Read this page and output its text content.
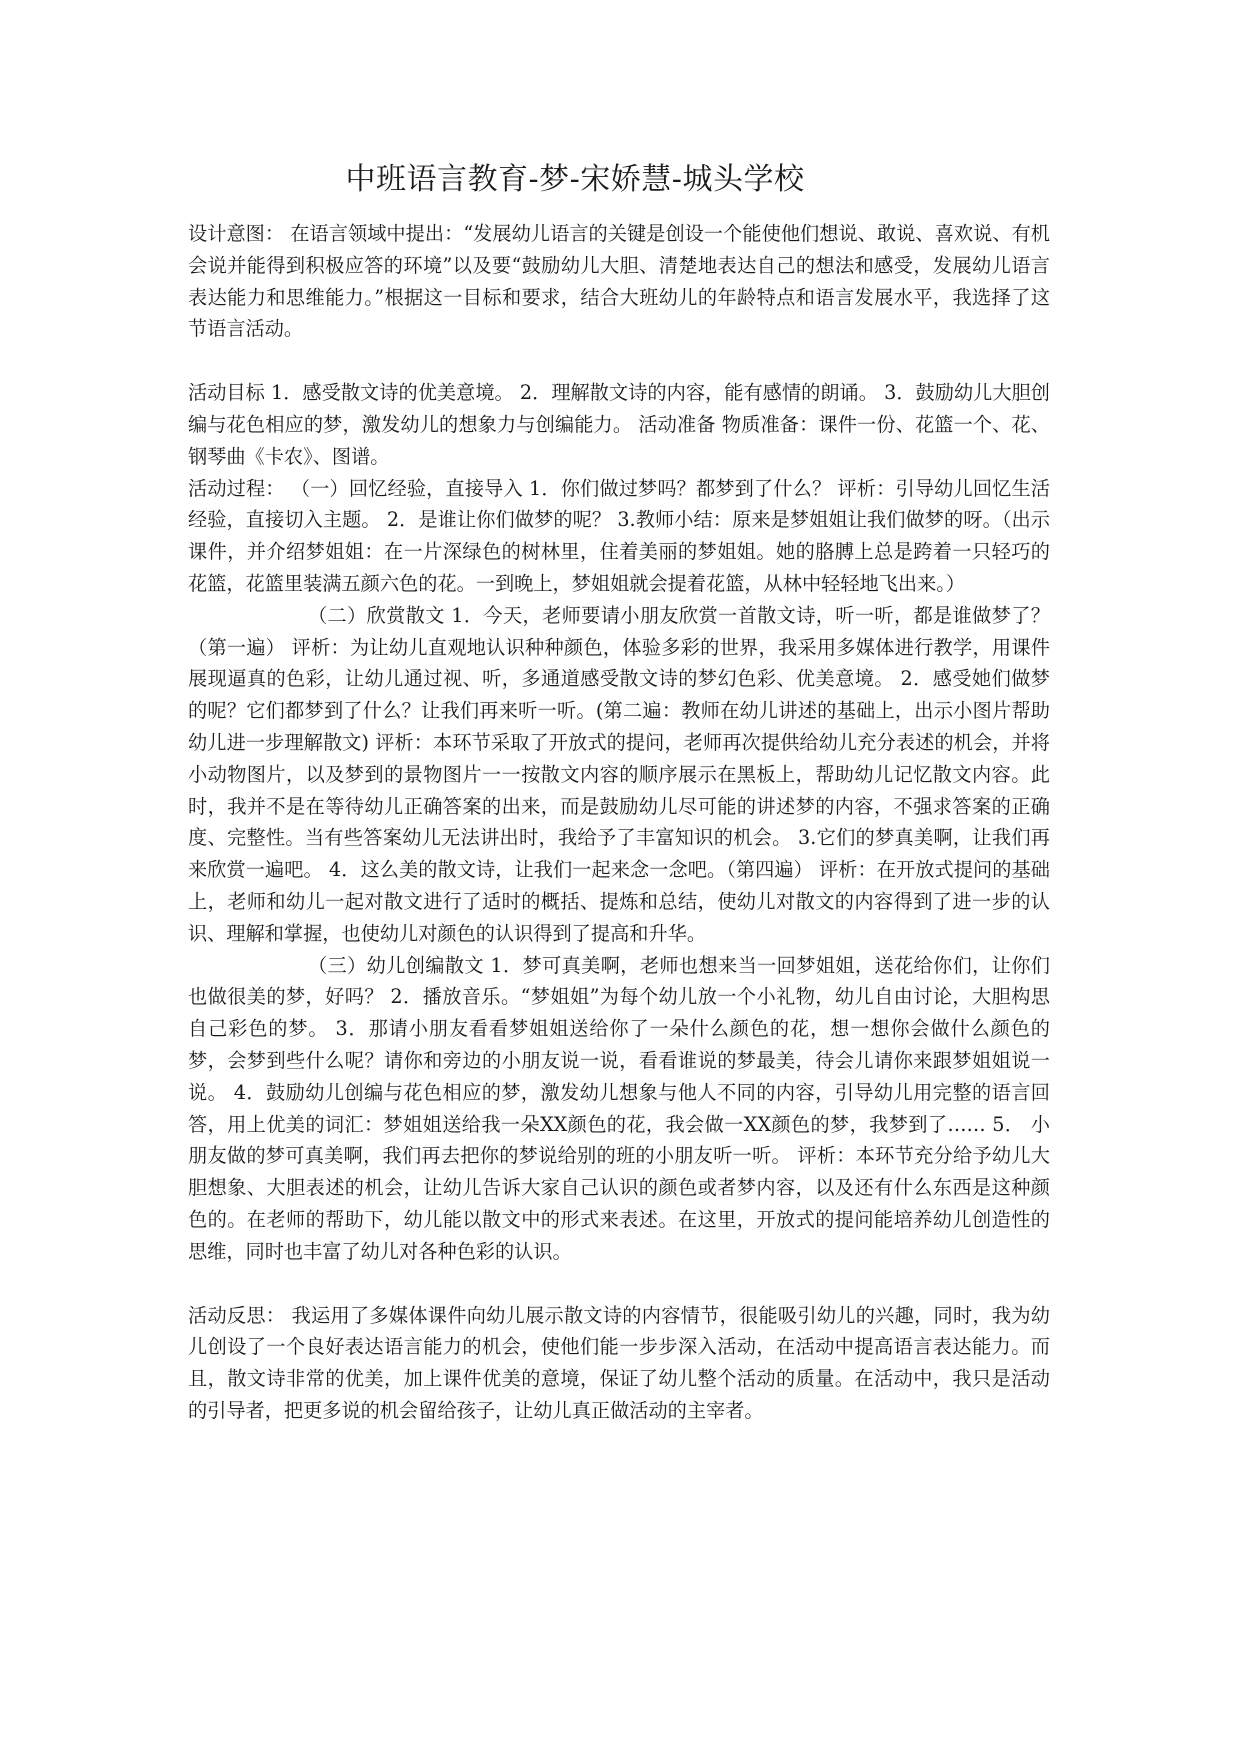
中班语言教育-梦-宋娇慧-城头学校

设计意图： 在语言领域中提出：“发展幼儿语言的关键是创设一个能使他们想说、敢说、喜欢说、有机会说并能得到积极应答的环境”以及要“鼓励幼儿大胆、清楚地表达自己的想法和感受，发展幼儿语言表达能力和思维能力。”根据这一目标和要求，结合大班幼儿的年龄特点和语言发展水平，我选择了这节语言活动。

活动目标 1．感受散文诗的优美意境。 2．理解散文诗的内容，能有感情的朗诵。 3．鼓励幼儿大胆创编与花色相应的梦，激发幼儿的想象力与创编能力。 活动准备 物质准备：课件一份、花篮一个、花、钢琴曲《卡农》、图谱。

活动过程： （一）回忆经验，直接导入 1．你们做过梦吗？都梦到了什么？ 评析：引导幼儿回忆生活经验，直接切入主题。 2．是谁让你们做梦的呢？ 3.教师小结：原来是梦姐姐让我们做梦的呀。（出示课件，并介绍梦姐姐：在一片深绿色的树林里，住着美丽的梦姐姐。她的胳膊上总是跨着一只轻巧的花篮，花篮里装满五颜六色的花。一到晚上，梦姐姐就会提着花篮，从林中轻轻地飞出来。）

（二）欣赏散文 1．今天，老师要请小朋友欣赏一首散文诗，听一听，都是谁做梦了？（第一遍） 评析：为让幼儿直观地认识种种颜色，体验多彩的世界，我采用多媒体进行教学，用课件展现逼真的色彩，让幼儿通过视、听，多通道感受散文诗的梦幻色彩、优美意境。 2．感受她们做梦的呢？它们都梦到了什么？让我们再来听一听。(第二遍：教师在幼儿讲述的基础上，出示小图片帮助幼儿进一步理解散文) 评析：本环节采取了开放式的提问，老师再次提供给幼儿充分表述的机会，并将小动物图片，以及梦到的景物图片一一按散文内容的顺序展示在黑板上，帮助幼儿记忆散文内容。此时，我并不是在等待幼儿正确答案的出来，而是鼓励幼儿尽可能的讲述梦的内容，不强求答案的正确度、完整性。当有些答案幼儿无法讲出时，我给予了丰富知识的机会。 3.它们的梦真美啊，让我们再来欣赏一遍吧。 4．这么美的散文诗，让我们一起来念一念吧。（第四遍） 评析：在开放式提问的基础上，老师和幼儿一起对散文进行了适时的概括、提炼和总结，使幼儿对散文的内容得到了进一步的认识、理解和掌握，也使幼儿对颜色的认识得到了提高和升华。

（三）幼儿创编散文 1．梦可真美啊，老师也想来当一回梦姐姐，送花给你们，让你们也做很美的梦，好吗？ 2．播放音乐。“梦姐姐”为每个幼儿放一个小礼物，幼儿自由讨论，大胆构思自己彩色的梦。 3．那请小朋友看看梦姐姐送给你了一朵什么颜色的花，想一想你会做什么颜色的梦，会梦到些什么呢？请你和旁边的小朋友说一说，看看谁说的梦最美，待会儿请你来跟梦姐姐说一说。 4．鼓励幼儿创编与花色相应的梦，激发幼儿想象与他人不同的内容，引导幼儿用完整的语言回答，用上优美的词汇：梦姐姐送给我一朵XX颜色的花，我会做一XX颜色的梦，我梦到了…… 5． 小朋友做的梦可真美啊，我们再去把你的梦说给别的班的小朋友听一听。 评析：本环节充分给予幼儿大胆想象、大胆表述的机会，让幼儿告诉大家自己认识的颜色或者梦内容，以及还有什么东西是这种颜色的。在老师的帮助下，幼儿能以散文中的形式来表述。在这里，开放式的提问能培养幼儿创造性的思维，同时也丰富了幼儿对各种色彩的认识。

活动反思： 我运用了多媒体课件向幼儿展示散文诗的内容情节，很能吸引幼儿的兴趣，同时，我为幼儿创设了一个良好表达语言能力的机会，使他们能一步步深入活动，在活动中提高语言表达能力。而且，散文诗非常的优美，加上课件优美的意境，保证了幼儿整个活动的质量。在活动中，我只是活动的引导者，把更多说的机会留给孩子，让幼儿真正做活动的主宰者。
